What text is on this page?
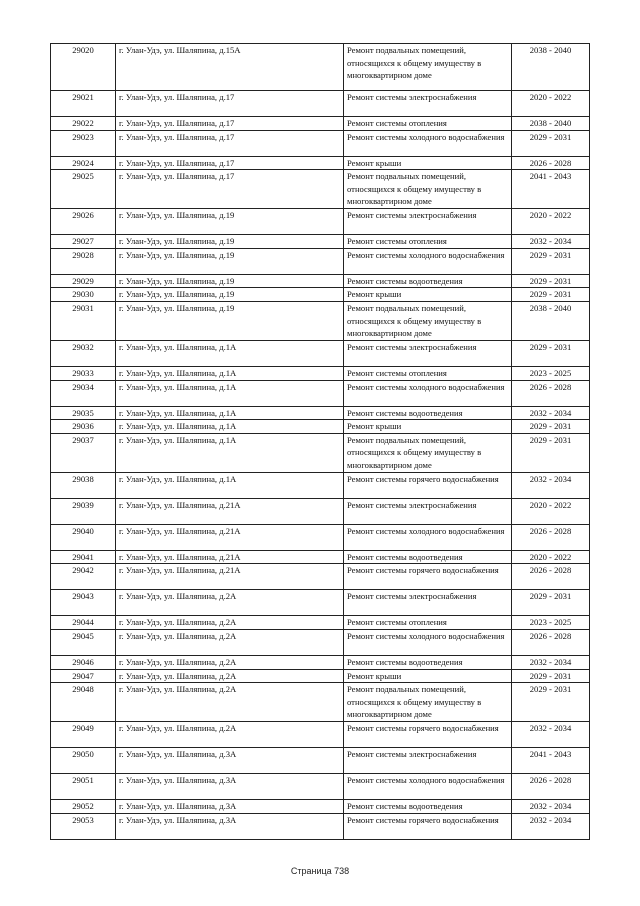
29020	г. Улан-Удэ, ул. Шаляпина, д.15А	Ремонт подвальных помещений, относящихся к общему имуществу в многоквартирном доме	2038 - 2040
29021	г. Улан-Удэ, ул. Шаляпина, д.17	Ремонт системы электроснабжения	2020 - 2022
29022	г. Улан-Удэ, ул. Шаляпина, д.17	Ремонт системы отопления	2038 - 2040
29023	г. Улан-Удэ, ул. Шаляпина, д.17	Ремонт системы холодного водоснабжения	2029 - 2031
29024	г. Улан-Удэ, ул. Шаляпина, д.17	Ремонт крыши	2026 - 2028
29025	г. Улан-Удэ, ул. Шаляпина, д.17	Ремонт подвальных помещений, относящихся к общему имуществу в многоквартирном доме	2041 - 2043
29026	г. Улан-Удэ, ул. Шаляпина, д.19	Ремонт системы электроснабжения	2020 - 2022
29027	г. Улан-Удэ, ул. Шаляпина, д.19	Ремонт системы отопления	2032 - 2034
29028	г. Улан-Удэ, ул. Шаляпина, д.19	Ремонт системы холодного водоснабжения	2029 - 2031
29029	г. Улан-Удэ, ул. Шаляпина, д.19	Ремонт системы водоотведения	2029 - 2031
29030	г. Улан-Удэ, ул. Шаляпина, д.19	Ремонт крыши	2029 - 2031
29031	г. Улан-Удэ, ул. Шаляпина, д.19	Ремонт подвальных помещений, относящихся к общему имуществу в многоквартирном доме	2038 - 2040
29032	г. Улан-Удэ, ул. Шаляпина, д.1А	Ремонт системы электроснабжения	2029 - 2031
29033	г. Улан-Удэ, ул. Шаляпина, д.1А	Ремонт системы отопления	2023 - 2025
29034	г. Улан-Удэ, ул. Шаляпина, д.1А	Ремонт системы холодного водоснабжения	2026 - 2028
29035	г. Улан-Удэ, ул. Шаляпина, д.1А	Ремонт системы водоотведения	2032 - 2034
29036	г. Улан-Удэ, ул. Шаляпина, д.1А	Ремонт крыши	2029 - 2031
29037	г. Улан-Удэ, ул. Шаляпина, д.1А	Ремонт подвальных помещений, относящихся к общему имуществу в многоквартирном доме	2029 - 2031
29038	г. Улан-Удэ, ул. Шаляпина, д.1А	Ремонт системы горячего водоснабжения	2032 - 2034
29039	г. Улан-Удэ, ул. Шаляпина, д.21А	Ремонт системы электроснабжения	2020 - 2022
29040	г. Улан-Удэ, ул. Шаляпина, д.21А	Ремонт системы холодного водоснабжения	2026 - 2028
29041	г. Улан-Удэ, ул. Шаляпина, д.21А	Ремонт системы водоотведения	2020 - 2022
29042	г. Улан-Удэ, ул. Шаляпина, д.21А	Ремонт системы горячего водоснабжения	2026 - 2028
29043	г. Улан-Удэ, ул. Шаляпина, д.2А	Ремонт системы электроснабжения	2029 - 2031
29044	г. Улан-Удэ, ул. Шаляпина, д.2А	Ремонт системы отопления	2023 - 2025
29045	г. Улан-Удэ, ул. Шаляпина, д.2А	Ремонт системы холодного водоснабжения	2026 - 2028
29046	г. Улан-Удэ, ул. Шаляпина, д.2А	Ремонт системы водоотведения	2032 - 2034
29047	г. Улан-Удэ, ул. Шаляпина, д.2А	Ремонт крыши	2029 - 2031
29048	г. Улан-Удэ, ул. Шаляпина, д.2А	Ремонт подвальных помещений, относящихся к общему имуществу в многоквартирном доме	2029 - 2031
29049	г. Улан-Удэ, ул. Шаляпина, д.2А	Ремонт системы горячего водоснабжения	2032 - 2034
29050	г. Улан-Удэ, ул. Шаляпина, д.3А	Ремонт системы электроснабжения	2041 - 2043
29051	г. Улан-Удэ, ул. Шаляпина, д.3А	Ремонт системы холодного водоснабжения	2026 - 2028
29052	г. Улан-Удэ, ул. Шаляпина, д.3А	Ремонт системы водоотведения	2032 - 2034
29053	г. Улан-Удэ, ул. Шаляпина, д.3А	Ремонт системы горячего водоснабжения	2032 - 2034
Страница 738
